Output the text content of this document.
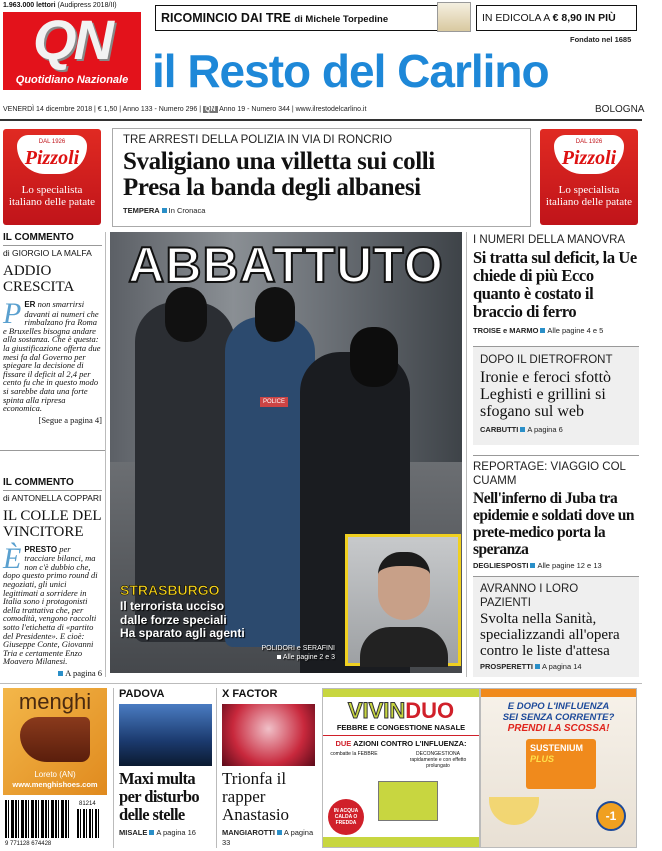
1.963.000 lettori (Audipress 2018/II)
QN
Quotidiano Nazionale
RICOMINCIO DAI TRE di Michele Torpedine	IN EDICOLA A € 8,90 IN PIÙ
il Resto del Carlino
Fondato nel 1685
VENERDÌ 14 dicembre 2018 | € 1,50 | Anno 133 - Numero 296 | QN Anno 19 - Numero 344 | www.ilrestodelcarlino.it	BOLOGNA
DAL 1926
Pizzoli
Lo specialista italiano delle patate
DAL 1926
Pizzoli
Lo specialista italiano delle patate
TRE ARRESTI DELLA POLIZIA IN VIA DI RONCRIO
Svaligiano una villetta sui colli
Presa la banda degli albanesi
TEMPERA In Cronaca
IL COMMENTO
di GIORGIO LA MALFA
ADDIO CRESCITA
PER non smarrirsi davanti ai numeri che rimbalzano fra Roma e Bruxelles bisogna andare alla sostanza. Che è questa: la giustificazione offerta due mesi fa dal Governo per spiegare la decisione di fissare il deficit al 2,4 per cento fu che in questo modo si sarebbe data una forte spinta alla ripresa economica.
[Segue a pagina 4]
IL COMMENTO
di ANTONELLA COPPARI
IL COLLE DEL VINCITORE
ÈPRESTO per tracciare bilanci, ma non c'è dubbio che, dopo questo primo round di negoziati, gli unici legittimati a sorridere in Italia sono i protagonisti della trattativa che, per comodità, vengono raccolti sotto l'etichetta di «partito del Presidente». E cioè: Giuseppe Conte, Giovanni Tria e certamente Enzo Moavero Milanesi.
A pagina 6
POLICE
ABBATTUTO
STRASBURGO
Il terrorista ucciso
dalle forze speciali
Ha sparato agli agenti
POLIDORI e SERAFINI
Alle pagine 2 e 3
I NUMERI DELLA MANOVRA
Si tratta sul deficit, la Ue chiede di più Ecco quanto è costato il braccio di ferro
TROISE e MARMO Alle pagine 4 e 5
DOPO IL DIETROFRONT
Ironie e feroci sfottò Leghisti e grillini si sfogano sul web
CARBUTTI A pagina 6
REPORTAGE: VIAGGIO COL CUAMM
Nell'inferno di Juba tra epidemie e soldati dove un prete-medico porta la speranza
DEGLIESPOSTI Alle pagine 12 e 13
AVRANNO I LORO PAZIENTI
Svolta nella Sanità, specializzandi all'opera contro le liste d'attesa
PROSPERETTI A pagina 14
menghi
Loreto (AN)
www.menghishoes.com
9 771128 674428
81214
PADOVA
Maxi multa per disturbo delle stelle
MISALE A pagina 16
X FACTOR
Trionfa il rapper Anastasio
MANGIAROTTI A pagina 33
VIVINDUO
FEBBRE E CONGESTIONE NASALE
DUE AZIONI CONTRO L'INFLUENZA:
combatte la FEBBRE	DECONGESTIONA rapidamente e con effetto prolungato
IN ACQUA CALDA O FREDDA
E DOPO L'INFLUENZA
SEI SENZA CORRENTE?
PRENDI LA SCOSSA!
SUSTENIUM
PLUS
-1
